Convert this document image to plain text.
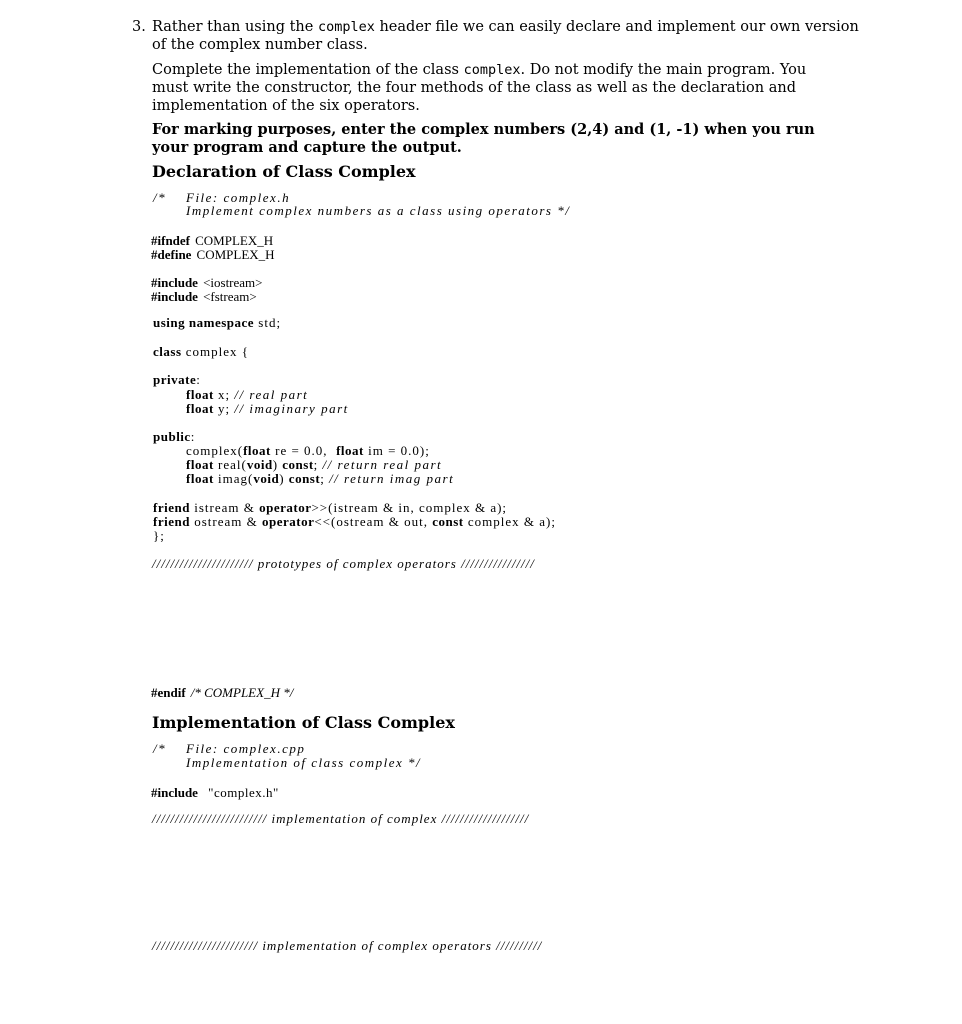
3. Rather than using the complex header file we can easily declare and implement our own version
of the complex number class.
Complete the implementation of the class complex. Do not modify the main program. You
must write the constructor, the four methods of the class as well as the declaration and
implementation of the six operators.
For marking purposes, enter the complex numbers (2,4) and (1, -1) when you run
your program and capture the output.
Declaration of Class Complex
/* File: complex.h
Implement complex numbers as a class using operators */
#ifndef COMPLEX_H
#define COMPLEX_H
#include <iostream>
#include <fstream>
using namespace std;
class complex {
private:
float x; // real part
float y; // imaginary part
public:
complex(float re = 0.0, float im = 0.0);
float real(void) const; // return real part
float imag(void) const; // return imag part
friend istream & operator>>(istream & in, complex & a);
friend ostream & operator<<(ostream & out, const complex & a);
};
////////////////////// prototypes of complex operators ////////////////
#endif /* COMPLEX_H */
Implementation of Class Complex
/* File: complex.cpp
Implementation of class complex */
#include "complex.h"
///////////////////////// implementation of complex ///////////////////
/////////////////////// implementation of complex operators //////////
